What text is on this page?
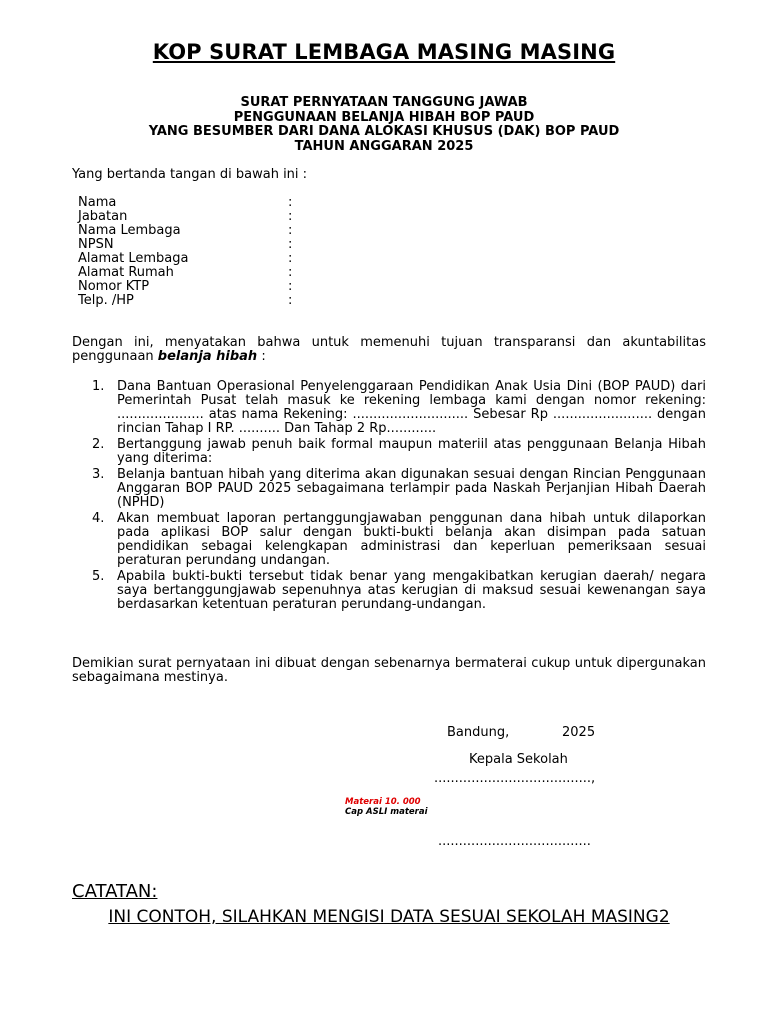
KOP SURAT LEMBAGA MASING MASING
SURAT PERNYATAAN TANGGUNG JAWAB
PENGGUNAAN BELANJA HIBAH BOP PAUD
YANG BESUMBER DARI DANA ALOKASI KHUSUS (DAK) BOP PAUD
TAHUN ANGGARAN 2025
Yang bertanda tangan di bawah ini :
Nama	:
Jabatan	:
Nama Lembaga	:
NPSN	:
Alamat Lembaga	:
Alamat Rumah	:
Nomor KTP	:
Telp. /HP	:
Dengan ini, menyatakan bahwa untuk memenuhi tujuan transparansi dan akuntabilitas penggunaan belanja hibah :
1. Dana Bantuan Operasional Penyelenggaraan Pendidikan Anak Usia Dini (BOP PAUD) dari Pemerintah Pusat telah masuk ke rekening lembaga kami dengan nomor rekening: ..................... atas nama Rekening: ............................ Sebesar Rp ........................ dengan rincian Tahap I RP. .......... Dan Tahap 2 Rp............
2. Bertanggung jawab penuh baik formal maupun materiil atas penggunaan Belanja Hibah yang diterima:
3. Belanja bantuan hibah yang diterima akan digunakan sesuai dengan Rincian Penggunaan Anggaran BOP PAUD 2025 sebagaimana terlampir pada Naskah Perjanjian Hibah Daerah (NPHD)
4. Akan membuat laporan pertanggungjawaban penggunan dana hibah untuk dilaporkan pada aplikasi BOP salur dengan bukti-bukti belanja akan disimpan pada satuan pendidikan sebagai kelengkapan administrasi dan keperluan pemeriksaan sesuai peraturan perundang undangan.
5. Apabila bukti-bukti tersebut tidak benar yang mengakibatkan kerugian daerah/ negara saya bertanggungjawab sepenuhnya atas kerugian di maksud sesuai kewenangan saya berdasarkan ketentuan peraturan perundang-undangan.
Demikian surat pernyataan ini dibuat dengan sebenarnya bermaterai cukup untuk dipergunakan sebagaimana mestinya.
Bandung,	2025
Kepala Sekolah
......................................,
Materai 10. 000
Cap ASLI materai
.....................................
CATATAN:
INI CONTOH, SILAHKAN MENGISI DATA SESUAI SEKOLAH MASING2
